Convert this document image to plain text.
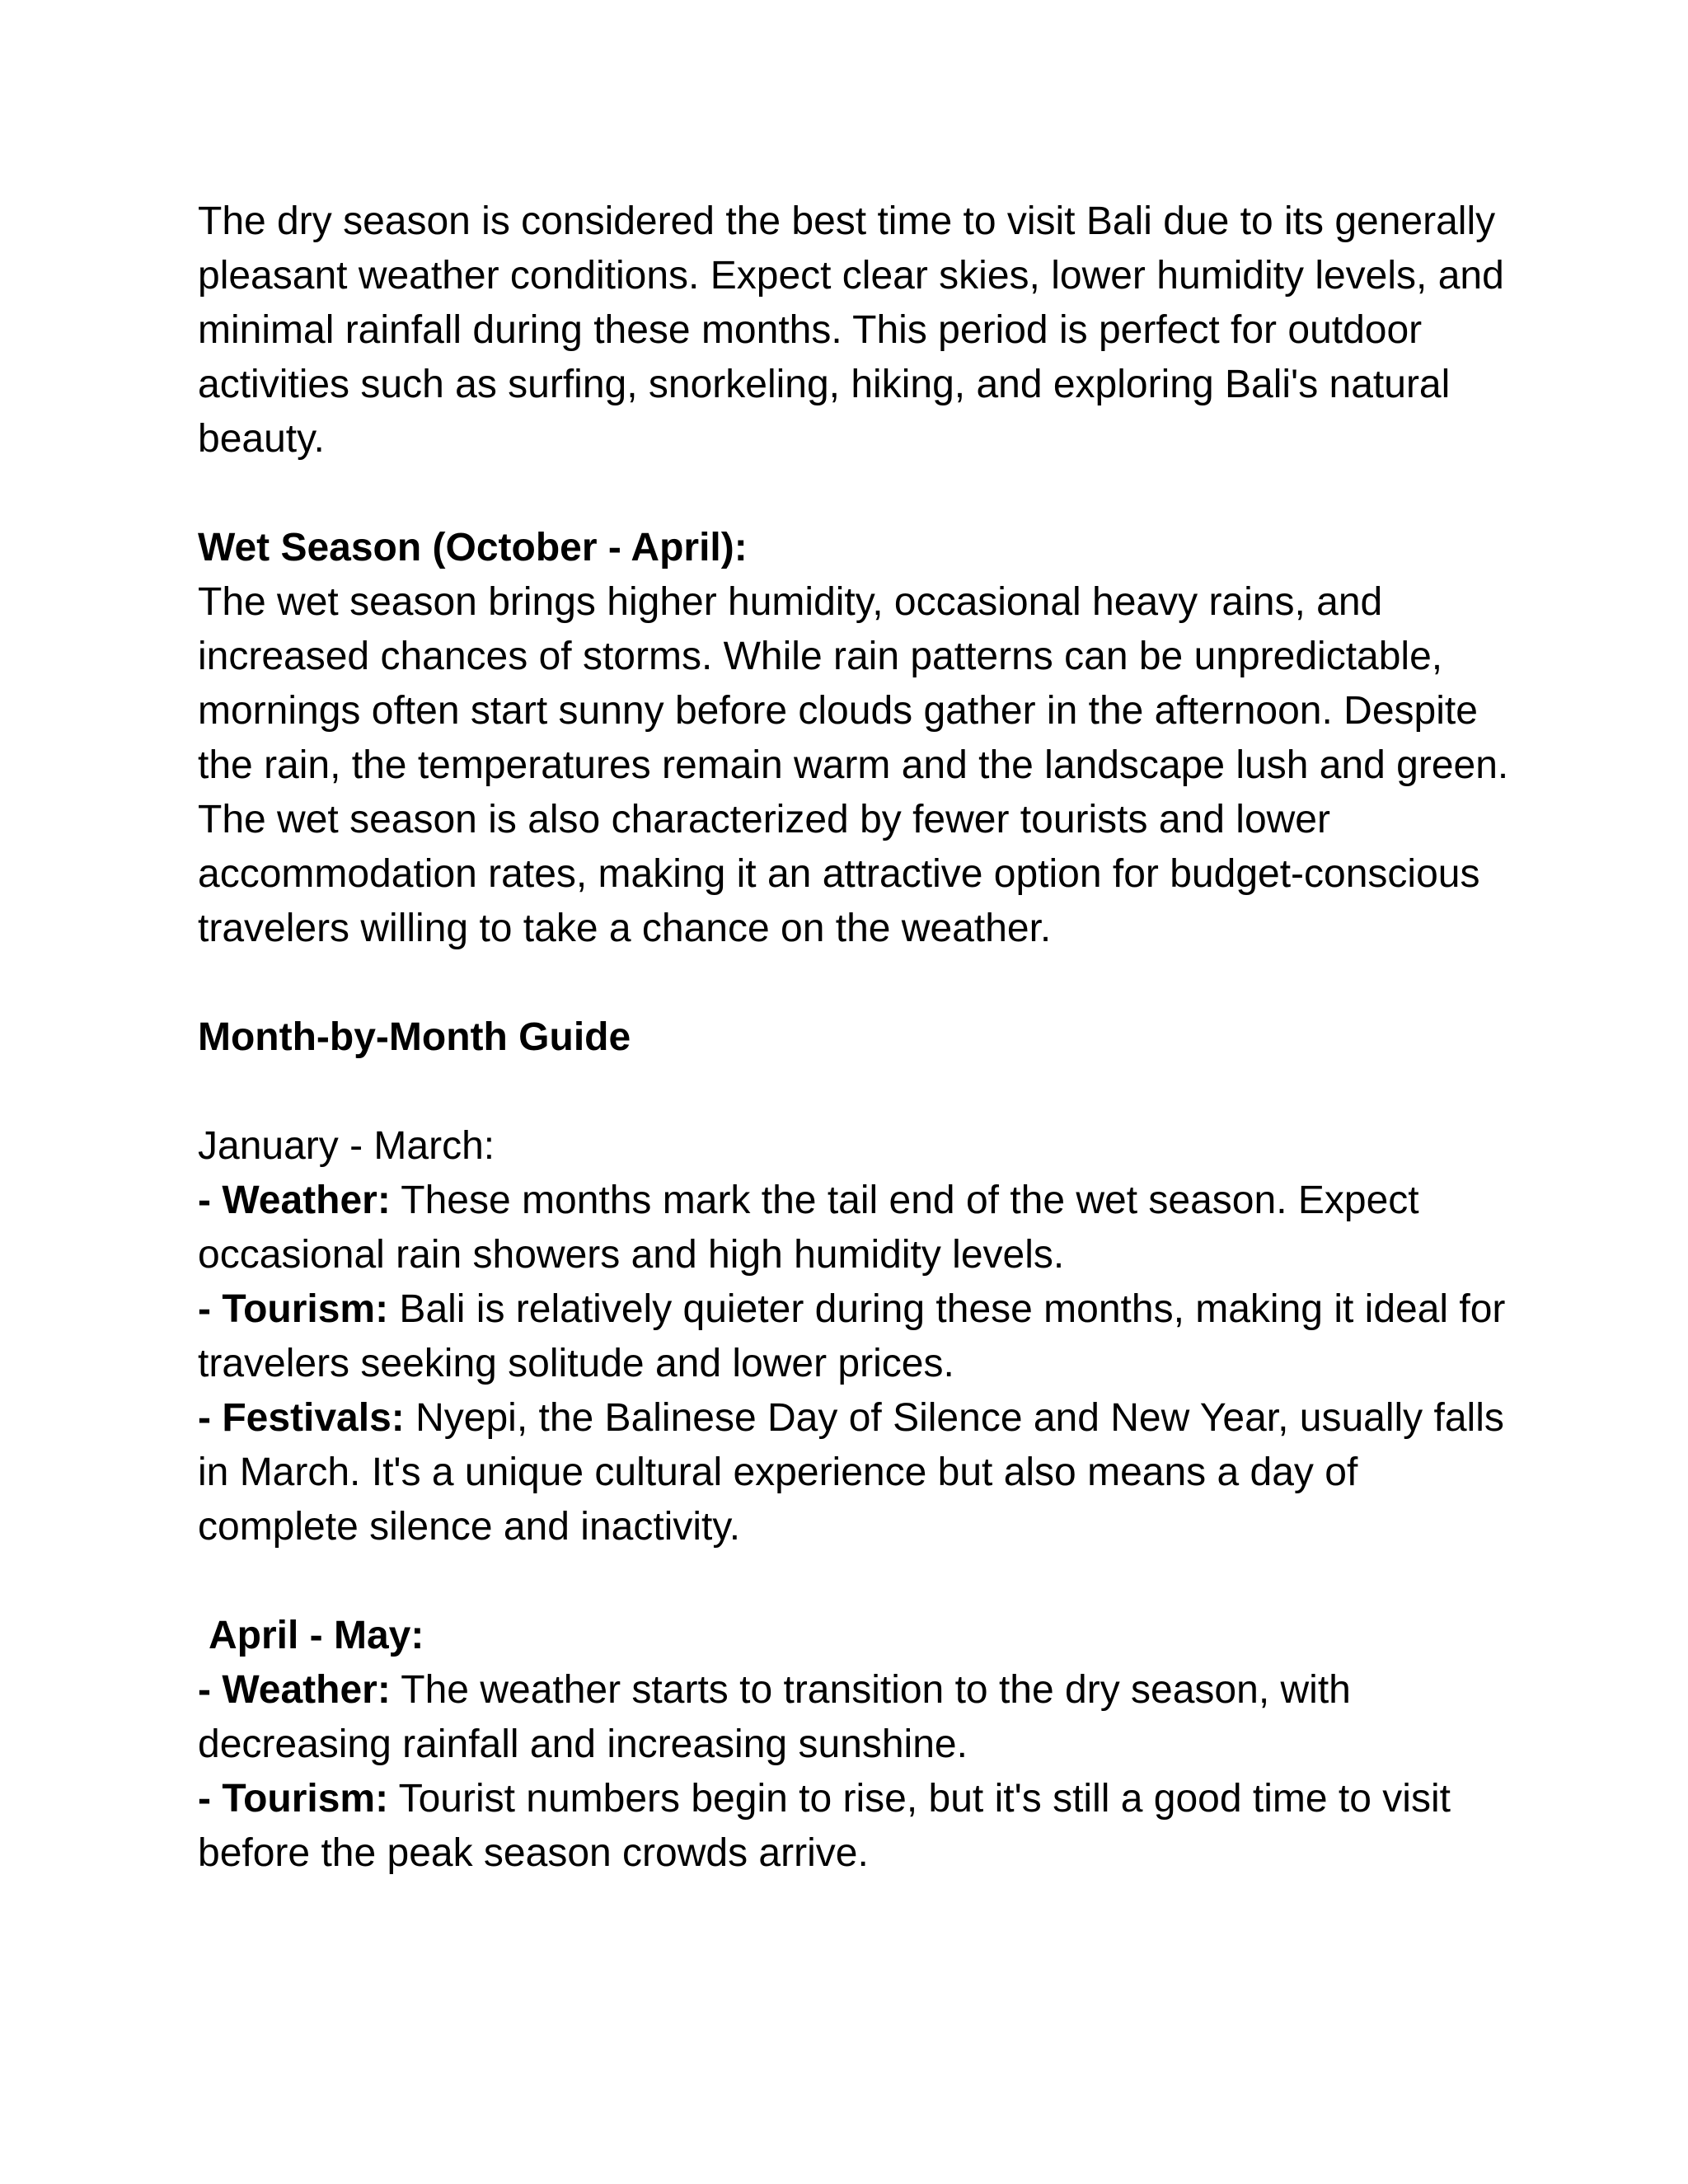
The dry season is considered the best time to visit Bali due to its generally pleasant weather conditions. Expect clear skies, lower humidity levels, and minimal rainfall during these months. This period is perfect for outdoor activities such as surfing, snorkeling, hiking, and exploring Bali's natural beauty.

Wet Season (October - April):

The wet season brings higher humidity, occasional heavy rains, and increased chances of storms. While rain patterns can be unpredictable, mornings often start sunny before clouds gather in the afternoon. Despite the rain, the temperatures remain warm and the landscape lush and green. The wet season is also characterized by fewer tourists and lower accommodation rates, making it an attractive option for budget-conscious travelers willing to take a chance on the weather.

Month-by-Month Guide

January - March:

- Weather: These months mark the tail end of the wet season. Expect occasional rain showers and high humidity levels.

- Tourism: Bali is relatively quieter during these months, making it ideal for travelers seeking solitude and lower prices.

- Festivals: Nyepi, the Balinese Day of Silence and New Year, usually falls in March. It's a unique cultural experience but also means a day of complete silence and inactivity.

April - May:

- Weather: The weather starts to transition to the dry season, with decreasing rainfall and increasing sunshine.

- Tourism: Tourist numbers begin to rise, but it's still a good time to visit before the peak season crowds arrive.
